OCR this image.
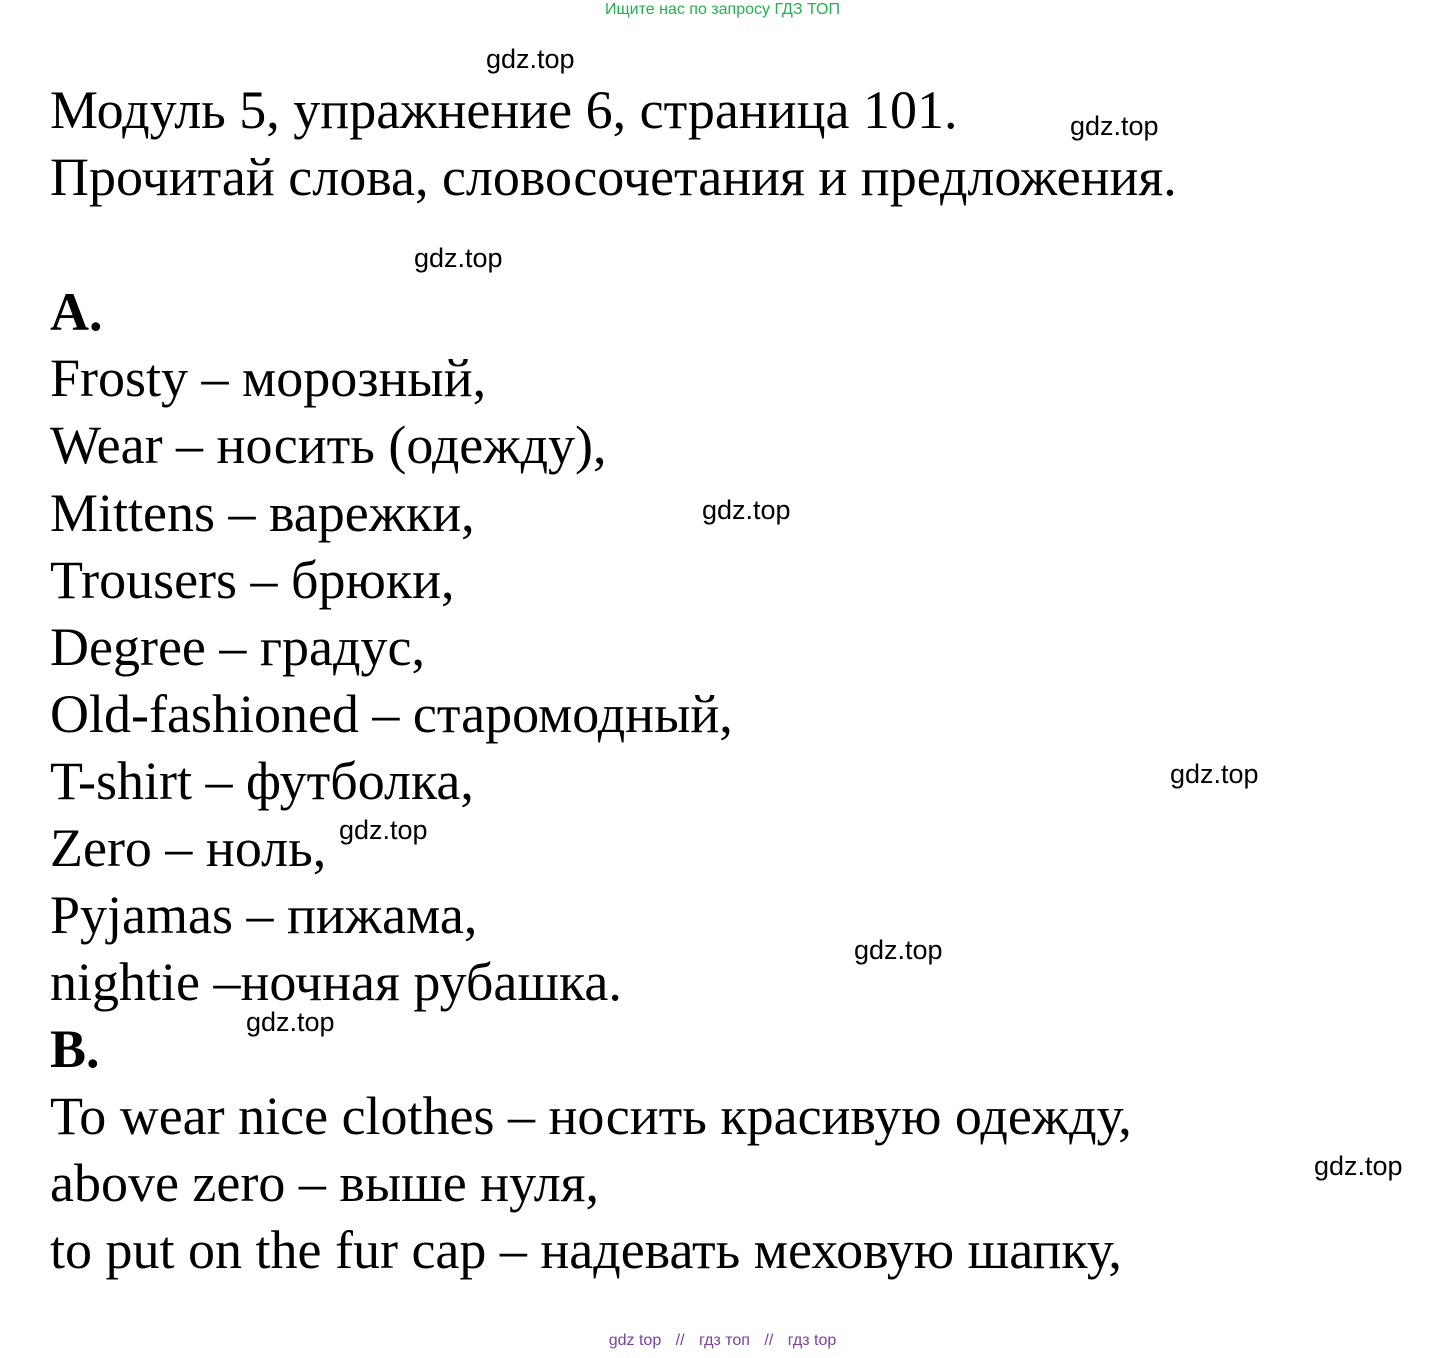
Ищите нас по запросу ГДЗ ТОП
gdz.top
gdz.top
gdz.top
gdz.top
gdz.top
gdz.top
gdz.top
gdz.top
gdz.top
Модуль 5, упражнение 6, страница 101.
Прочитай слова, словосочетания и предложения.
A.
Frosty – морозный,
Wear – носить (одежду),
Mittens – варежки,
Trousers – брюки,
Degree – градус,
Old-fashioned – старомодный,
T-shirt – футболка,
Zero – ноль,
Pyjamas – пижама,
nightie –ночная рубашка.
B.
To wear nice clothes – носить красивую одежду,
above zero – выше нуля,
to put on the fur cap – надевать меховую шапку,
gdz top // гдз топ // гдз top
